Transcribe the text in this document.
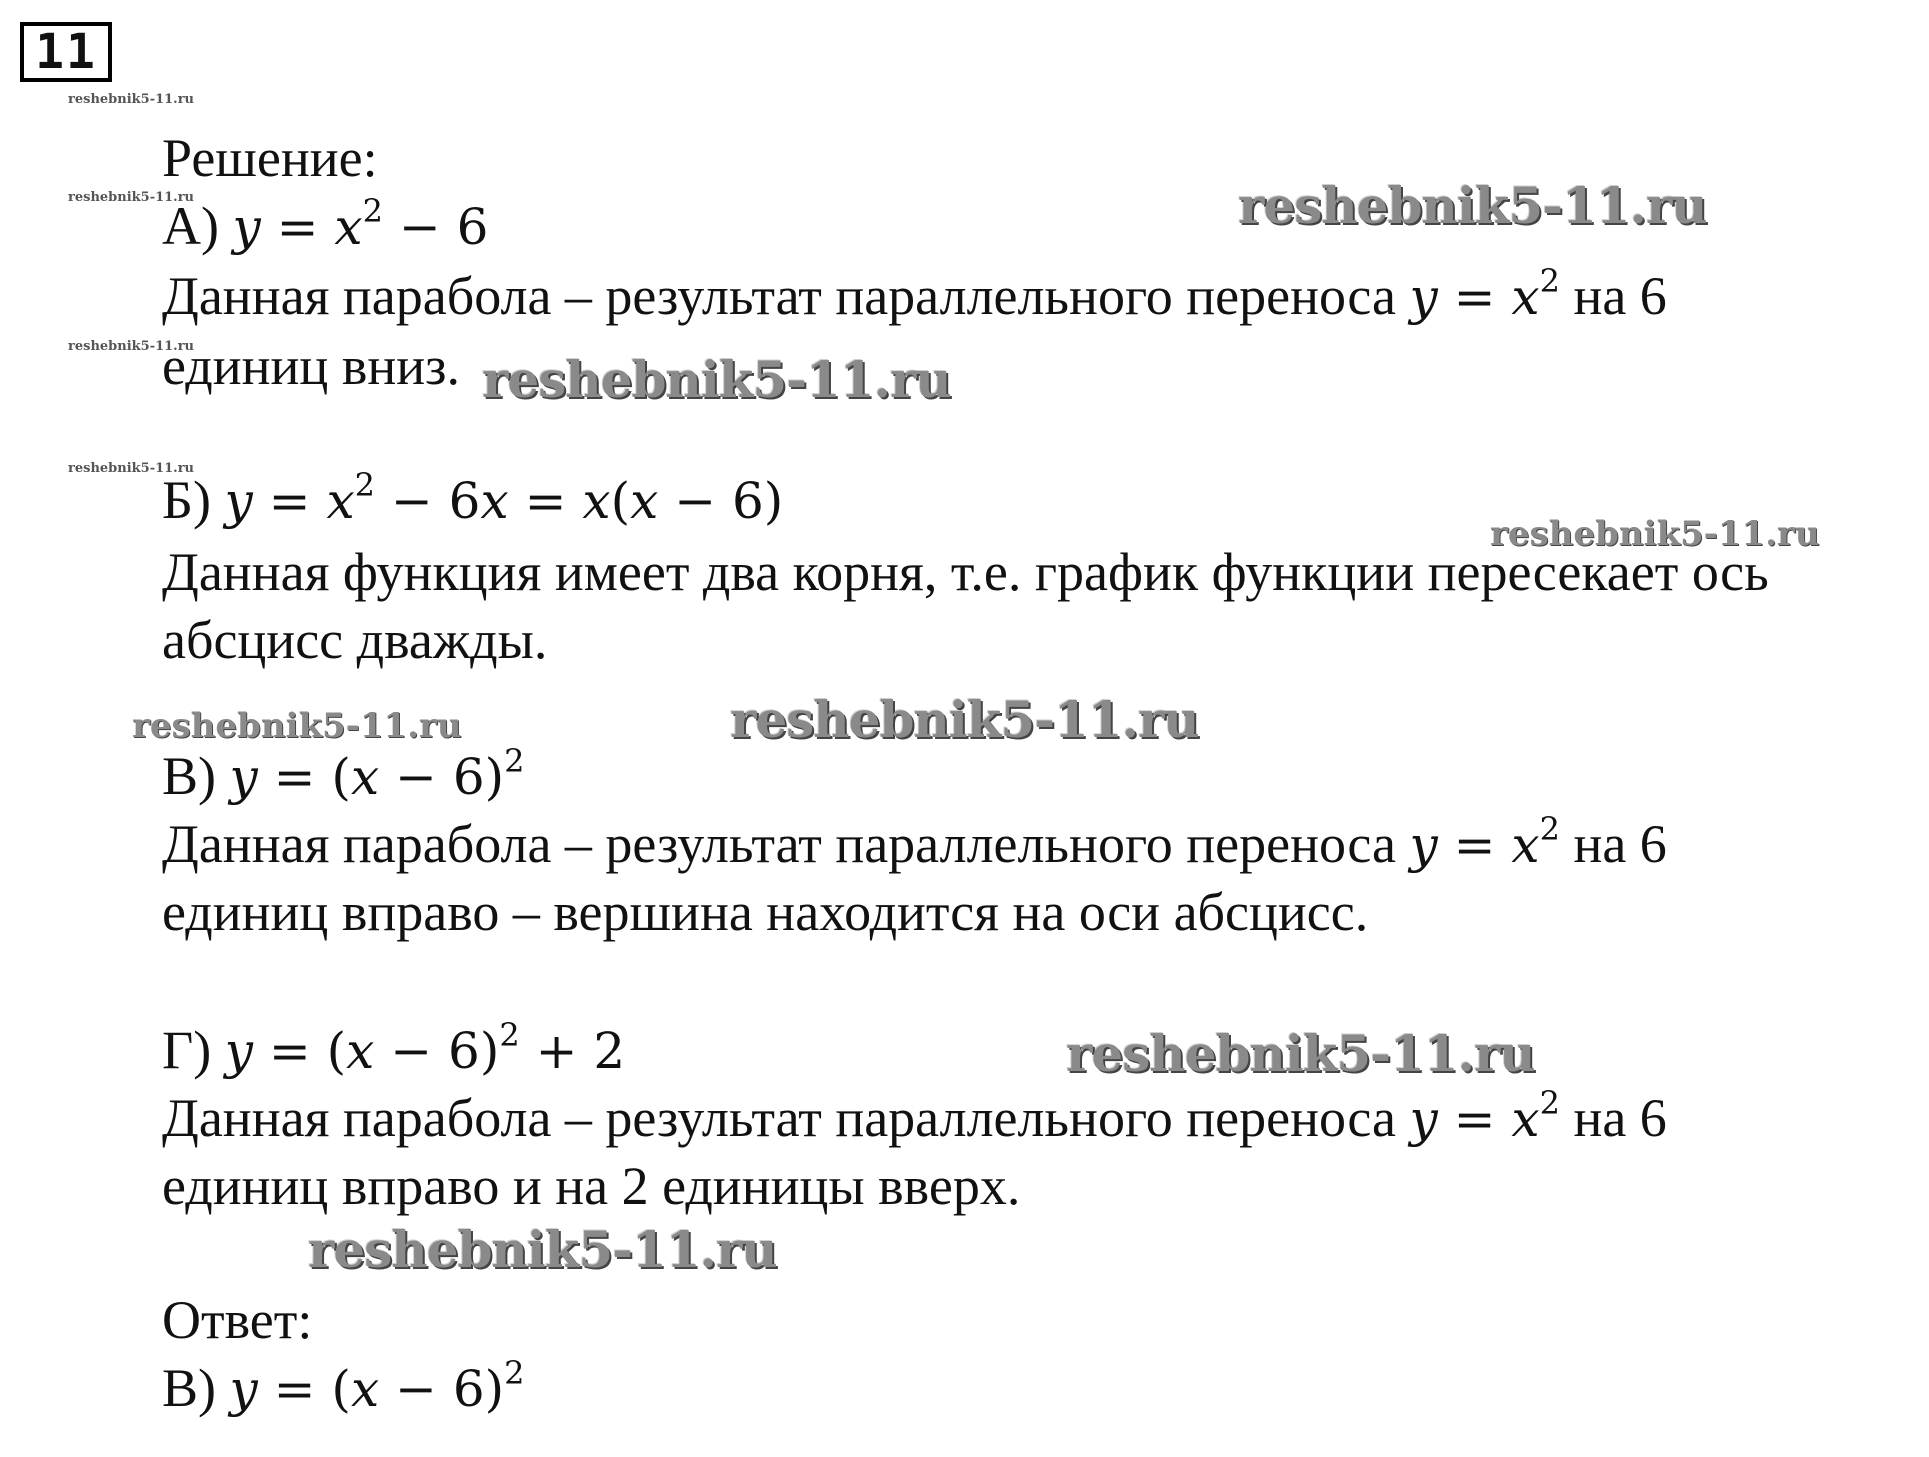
11
reshebnik5-11.ru
reshebnik5-11.ru
reshebnik5-11.ru
reshebnik5-11.ru
Решение:
А) $y = x^2 - 6$
Данная парабола – результат параллельного переноса $y = x^2$ на 6
единиц вниз.
Б) $y = x^2 - 6x = x(x - 6)$
Данная функция имеет два корня, т.е. график функции пересекает ось
абсцисс дважды.
В) $y = (x - 6)^2$
Данная парабола – результат параллельного переноса $y = x^2$ на 6
единиц вправо – вершина находится на оси абсцисс.
Г) $y = (x - 6)^2 + 2$
Данная парабола – результат параллельного переноса $y = x^2$ на 6
единиц вправо и на 2 единицы вверх.
Ответ:
В) $y = (x - 6)^2$
reshebnik5-11.ru
reshebnik5-11.ru
reshebnik5-11.ru
reshebnik5-11.ru	reshebnik5-11.ru
reshebnik5-11.ru
reshebnik5-11.ru
